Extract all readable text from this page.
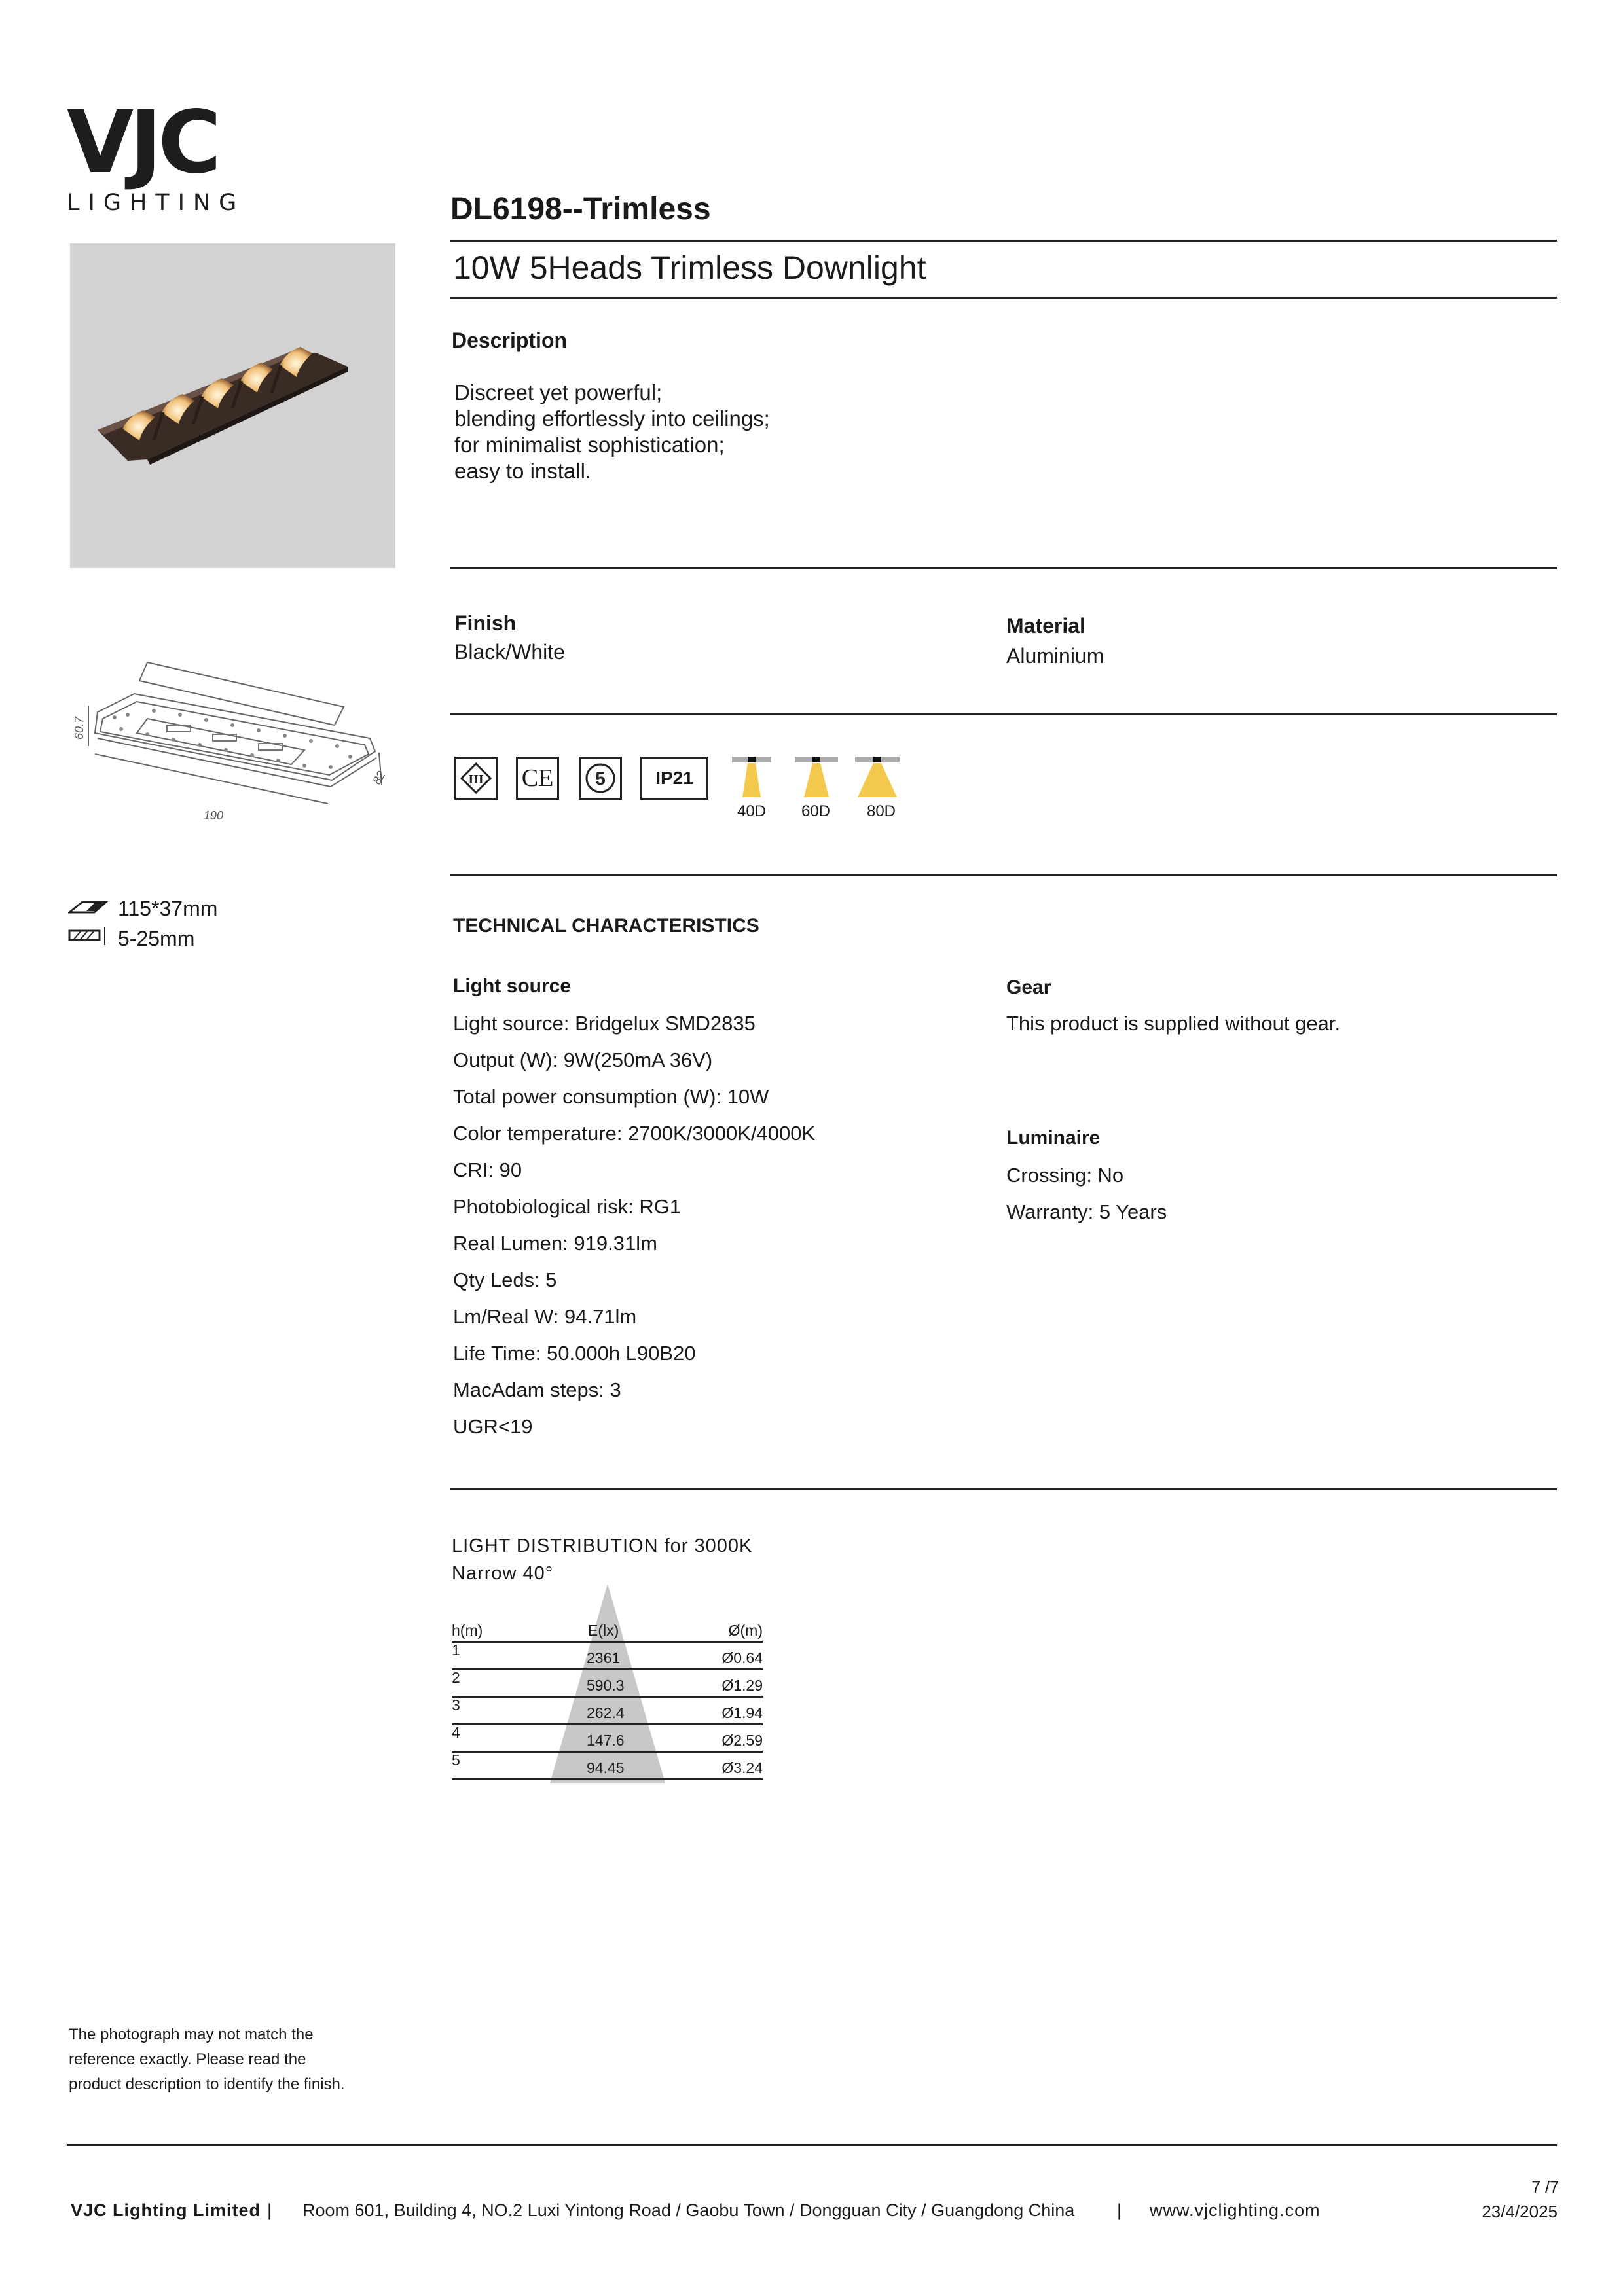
VJC
LIGHTING	DL6198--Trimless
10W 5Heads Trimless Downlight
Description
Discreet yet powerful;
blending effortlessly into ceilings;
for minimalist sophistication;
easy to install.
Finish
Black/White
Material
Aluminium
60.7
190
82	III CE 5	IP21
40D	60D	80D
115*37mm
5-25mm
TECHNICAL CHARACTERISTICS
Light source
Light source: Bridgelux SMD2835
Output (W): 9W(250mA 36V)
Total power consumption (W): 10W
Color temperature: 2700K/3000K/4000K
CRI: 90
Photobiological risk: RG1
Real Lumen: 919.31lm
Qty Leds: 5
Lm/Real W: 94.71lm
Life Time: 50.000h L90B20
MacAdam steps: 3
UGR<19
Gear
This product is supplied without gear.
Luminaire
Crossing: No
Warranty: 5 Years
LIGHT DISTRIBUTION for 3000K
Narrow 40°
h(m)	E(lx)	Ø(m)
1	2361	Ø0.64
2	590.3	Ø1.29
3	262.4	Ø1.94
4	147.6	Ø2.59
5	94.45	Ø3.24
The photograph may not match the
reference exactly. Please read the
product description to identify the finish.
VJC Lighting Limited | Room 601, Building 4, NO.2 Luxi Yintong Road / Gaobu Town / Dongguan City / Guangdong China | www.vjclighting.com
7 /7
23/4/2025
